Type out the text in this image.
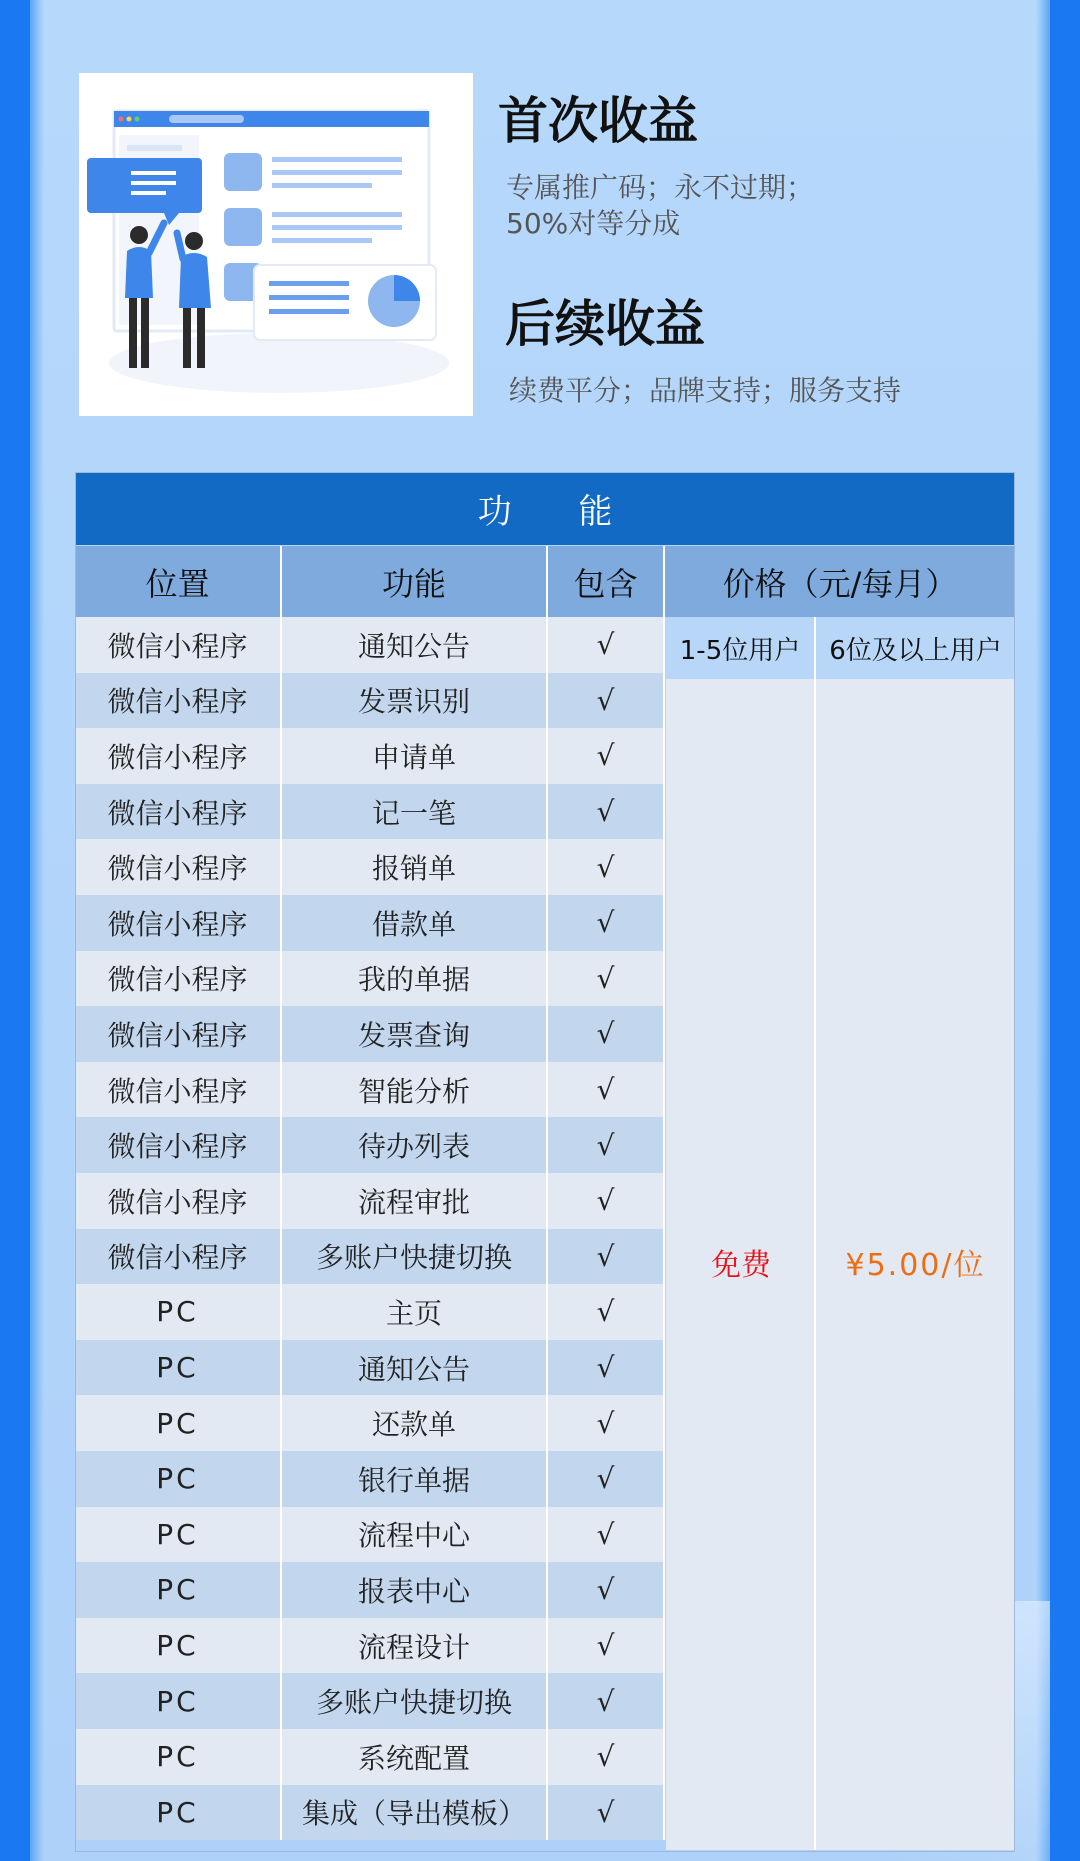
首次收益
专属推广码；永不过期；
50%对等分成
后续收益
续费平分；品牌支持；服务支持
功 能
位置	功能	包含	价格（元/每月）
微信小程序	通知公告	√
微信小程序	发票识别	√
微信小程序	申请单	√
微信小程序	记一笔	√
微信小程序	报销单	√
微信小程序	借款单	√
微信小程序	我的单据	√
微信小程序	发票查询	√
微信小程序	智能分析	√
微信小程序	待办列表	√
微信小程序	流程审批	√
微信小程序	多账户快捷切换	√
PC	主页	√
PC	通知公告	√
PC	还款单	√
PC	银行单据	√
PC	流程中心	√
PC	报表中心	√
PC	流程设计	√
PC	多账户快捷切换	√
PC	系统配置	√
PC	集成（导出模板）	√
1-5位用户	6位及以上用户
免费	¥5.00/位
